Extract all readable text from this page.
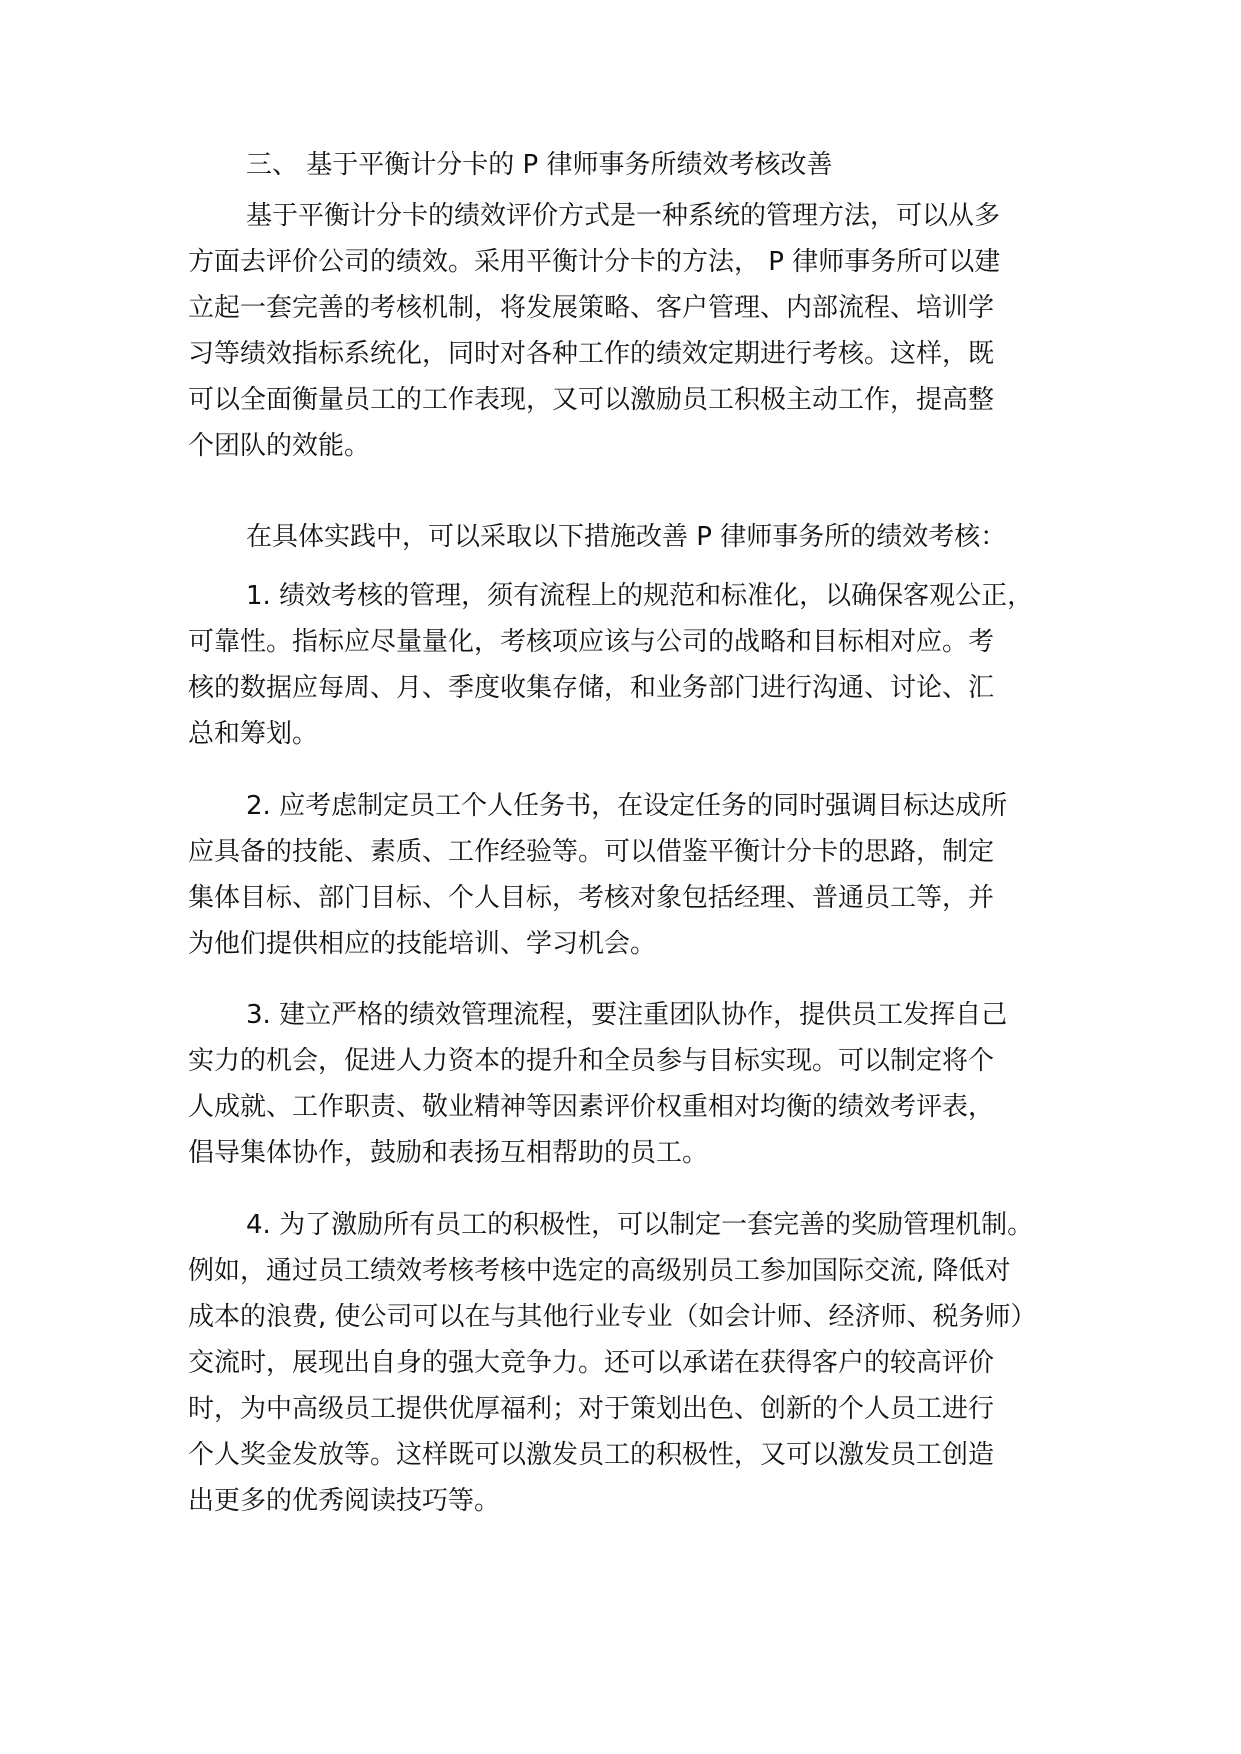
三、 基于平衡计分卡的 P 律师事务所绩效考核改善
基于平衡计分卡的绩效评价方式是一种系统的管理方法，可以从多
方面去评价公司的绩效。采用平衡计分卡的方法， P 律师事务所可以建
立起一套完善的考核机制，将发展策略、客户管理、内部流程、培训学
习等绩效指标系统化，同时对各种工作的绩效定期进行考核。这样，既
可以全面衡量员工的工作表现，又可以激励员工积极主动工作，提高整
个团队的效能。
在具体实践中，可以采取以下措施改善 P 律师事务所的绩效考核：
1. 绩效考核的管理，须有流程上的规范和标准化，以确保客观公正，
可靠性。指标应尽量量化，考核项应该与公司的战略和目标相对应。考
核的数据应每周、月、季度收集存储，和业务部门进行沟通、讨论、汇
总和筹划。
2. 应考虑制定员工个人任务书，在设定任务的同时强调目标达成所
应具备的技能、素质、工作经验等。可以借鉴平衡计分卡的思路，制定
集体目标、部门目标、个人目标，考核对象包括经理、普通员工等，并
为他们提供相应的技能培训、学习机会。
3. 建立严格的绩效管理流程，要注重团队协作，提供员工发挥自己
实力的机会，促进人力资本的提升和全员参与目标实现。可以制定将个
人成就、工作职责、敬业精神等因素评价权重相对均衡的绩效考评表，
倡导集体协作，鼓励和表扬互相帮助的员工。
4. 为了激励所有员工的积极性，可以制定一套完善的奖励管理机制。
例如，通过员工绩效考核考核中选定的高级别员工参加国际交流, 降低对
成本的浪费, 使公司可以在与其他行业专业（如会计师、经济师、税务师）
交流时，展现出自身的强大竞争力。还可以承诺在获得客户的较高评价
时，为中高级员工提供优厚福利；对于策划出色、创新的个人员工进行
个人奖金发放等。这样既可以激发员工的积极性，又可以激发员工创造
出更多的优秀阅读技巧等。
